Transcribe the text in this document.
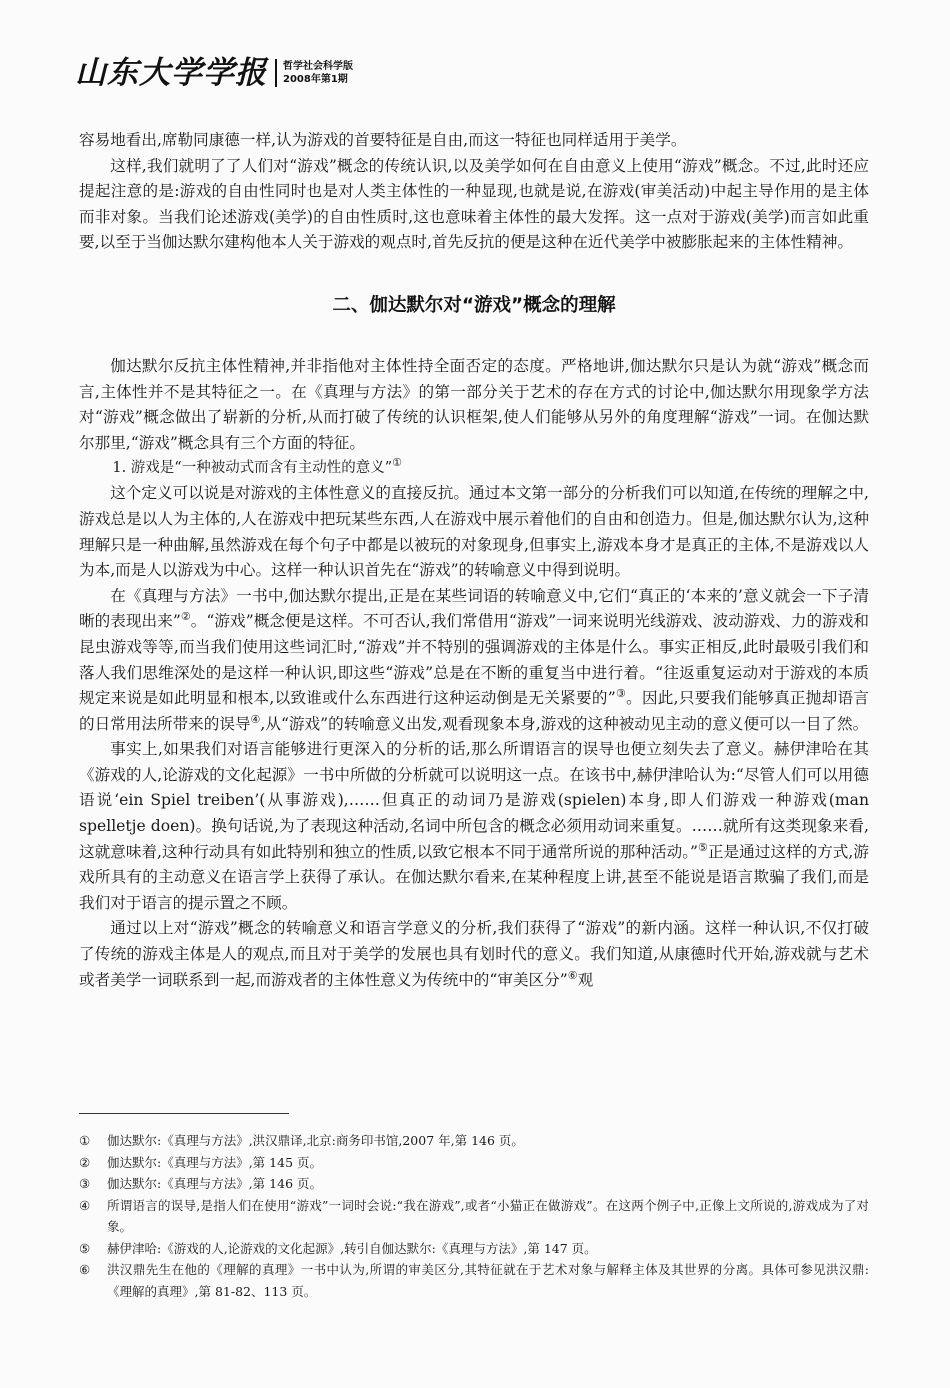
山东大学学报 哲学社会科学版
2008年第1期

容易地看出,席勒同康德一样,认为游戏的首要特征是自由,而这一特征也同样适用于美学。

这样,我们就明了了人们对“游戏”概念的传统认识,以及美学如何在自由意义上使用“游戏”概念。不过,此时还应提起注意的是:游戏的自由性同时也是对人类主体性的一种显现,也就是说,在游戏(审美活动)中起主导作用的是主体而非对象。当我们论述游戏(美学)的自由性质时,这也意味着主体性的最大发挥。这一点对于游戏(美学)而言如此重要,以至于当伽达默尔建构他本人关于游戏的观点时,首先反抗的便是这种在近代美学中被膨胀起来的主体性精神。

二、伽达默尔对“游戏”概念的理解

伽达默尔反抗主体性精神,并非指他对主体性持全面否定的态度。严格地讲,伽达默尔只是认为就“游戏”概念而言,主体性并不是其特征之一。在《真理与方法》的第一部分关于艺术的存在方式的讨论中,伽达默尔用现象学方法对“游戏”概念做出了崭新的分析,从而打破了传统的认识框架,使人们能够从另外的角度理解“游戏”一词。在伽达默尔那里,“游戏”概念具有三个方面的特征。

1. 游戏是“一种被动式而含有主动性的意义”①

这个定义可以说是对游戏的主体性意义的直接反抗。通过本文第一部分的分析我们可以知道,在传统的理解之中,游戏总是以人为主体的,人在游戏中把玩某些东西,人在游戏中展示着他们的自由和创造力。但是,伽达默尔认为,这种理解只是一种曲解,虽然游戏在每个句子中都是以被玩的对象现身,但事实上,游戏本身才是真正的主体,不是游戏以人为本,而是人以游戏为中心。这样一种认识首先在“游戏”的转喻意义中得到说明。

在《真理与方法》一书中,伽达默尔提出,正是在某些词语的转喻意义中,它们“真正的‘本来的’意义就会一下子清晰的表现出来”②。“游戏”概念便是这样。不可否认,我们常借用“游戏”一词来说明光线游戏、波动游戏、力的游戏和昆虫游戏等等,而当我们使用这些词汇时,“游戏”并不特别的强调游戏的主体是什么。事实正相反,此时最吸引我们和落人我们思维深处的是这样一种认识,即这些“游戏”总是在不断的重复当中进行着。“往返重复运动对于游戏的本质规定来说是如此明显和根本,以致谁或什么东西进行这种运动倒是无关紧要的”③。因此,只要我们能够真正抛却语言的日常用法所带来的误导④,从“游戏”的转喻意义出发,观看现象本身,游戏的这种被动见主动的意义便可以一目了然。

事实上,如果我们对语言能够进行更深入的分析的话,那么所谓语言的误导也便立刻失去了意义。赫伊津哈在其《游戏的人,论游戏的文化起源》一书中所做的分析就可以说明这一点。在该书中,赫伊津哈认为:“尽管人们可以用德语说‘ein Spiel treiben’(从事游戏),……但真正的动词乃是游戏(spielen)本身,即人们游戏一种游戏(man spelletje doen)。换句话说,为了表现这种活动,名词中所包含的概念必须用动词来重复。……就所有这类现象来看,这就意味着,这种行动具有如此特别和独立的性质,以致它根本不同于通常所说的那种活动。”⑤正是通过这样的方式,游戏所具有的主动意义在语言学上获得了承认。在伽达默尔看来,在某种程度上讲,甚至不能说是语言欺骗了我们,而是我们对于语言的提示置之不顾。

通过以上对“游戏”概念的转喻意义和语言学意义的分析,我们获得了“游戏”的新内涵。这样一种认识,不仅打破了传统的游戏主体是人的观点,而且对于美学的发展也具有划时代的意义。我们知道,从康德时代开始,游戏就与艺术或者美学一词联系到一起,而游戏者的主体性意义为传统中的“审美区分”⑥观

①	伽达默尔:《真理与方法》,洪汉鼎译,北京:商务印书馆,2007 年,第 146 页。
②	伽达默尔:《真理与方法》,第 145 页。
③	伽达默尔:《真理与方法》,第 146 页。
④	所谓语言的误导,是指人们在使用“游戏”一词时会说:“我在游戏”,或者“小猫正在做游戏”。在这两个例子中,正像上文所说的,游戏成为了对象。
⑤	赫伊津哈:《游戏的人,论游戏的文化起源》,转引自伽达默尔:《真理与方法》,第 147 页。
⑥	洪汉鼎先生在他的《理解的真理》一书中认为,所谓的审美区分,其特征就在于艺术对象与解释主体及其世界的分离。具体可参见洪汉鼎:《理解的真理》,第 81-82、113 页。
